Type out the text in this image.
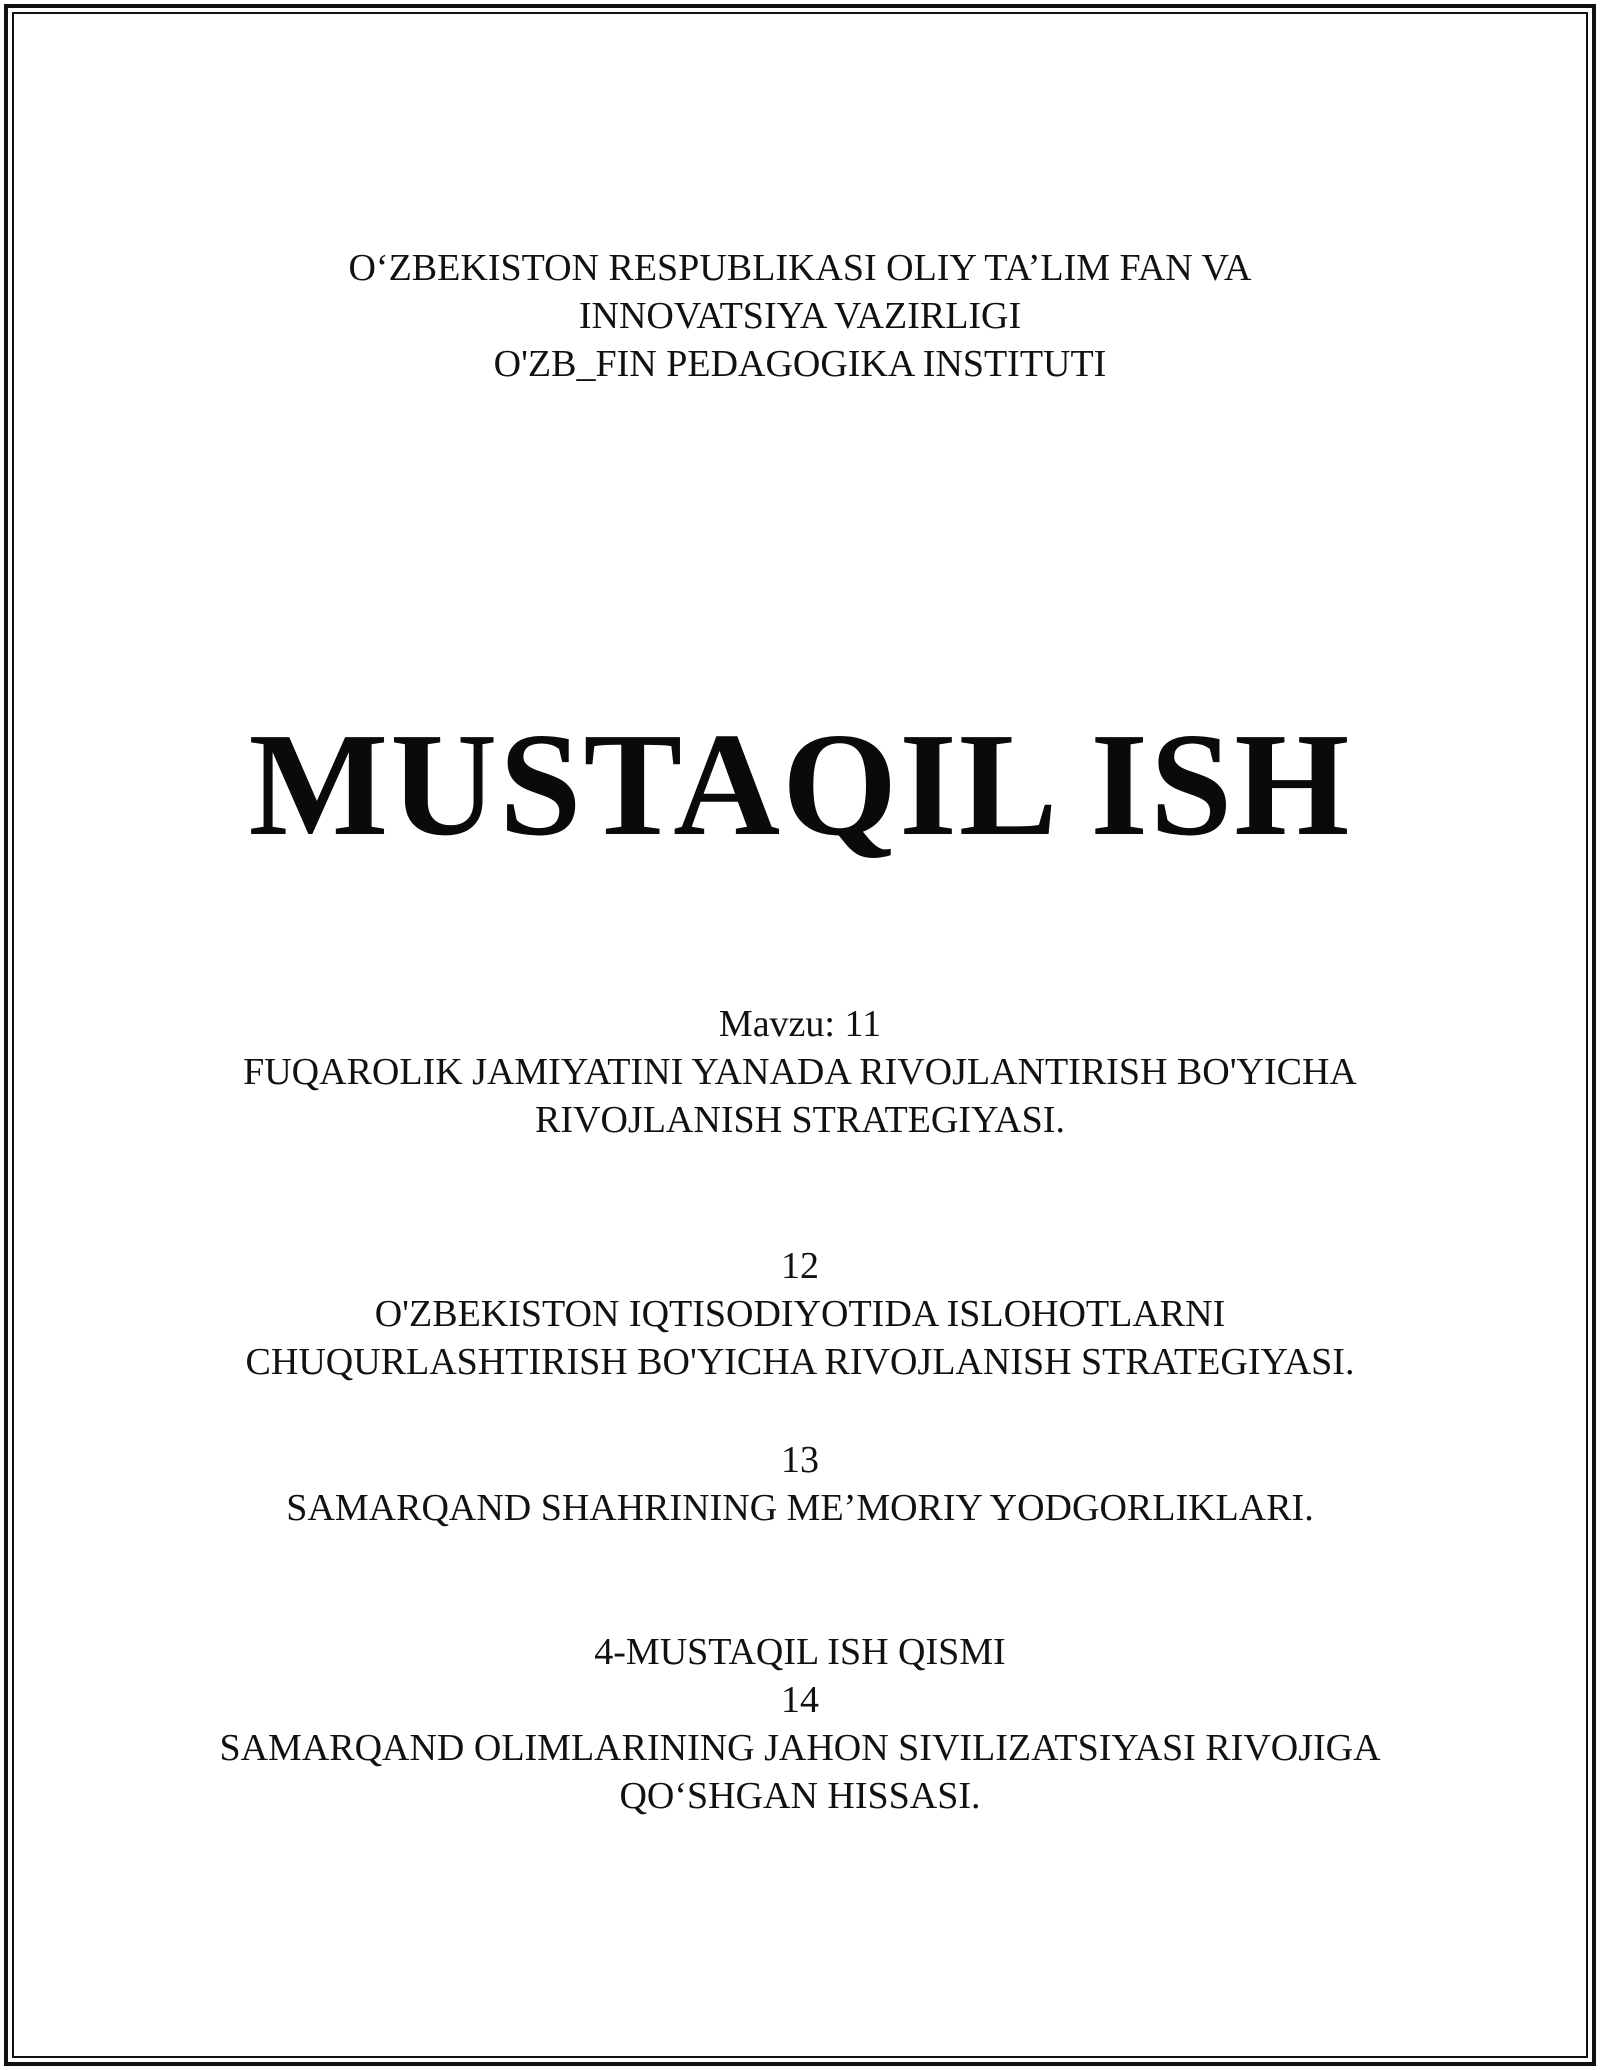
O‘ZBEKISTON RESPUBLIKASI OLIY TA’LIM FAN VA
INNOVATSIYA VAZIRLIGI
O'ZB_FIN PEDAGOGIKA INSTITUTI
MUSTAQIL ISH
Mavzu: 11
FUQAROLIK JAMIYATINI YANADA RIVOJLANTIRISH BO'YICHA
RIVOJLANISH STRATEGIYASI.
12
O'ZBEKISTON IQTISODIYOTIDA ISLOHOTLARNI
CHUQURLASHTIRISH BO'YICHA RIVOJLANISH STRATEGIYASI.
13
SAMARQAND SHAHRINING ME’MORIY YODGORLIKLARI.
4-MUSTAQIL ISH QISMI
14
SAMARQAND OLIMLARINING JAHON SIVILIZATSIYASI RIVOJIGA
QO‘SHGAN HISSASI.
